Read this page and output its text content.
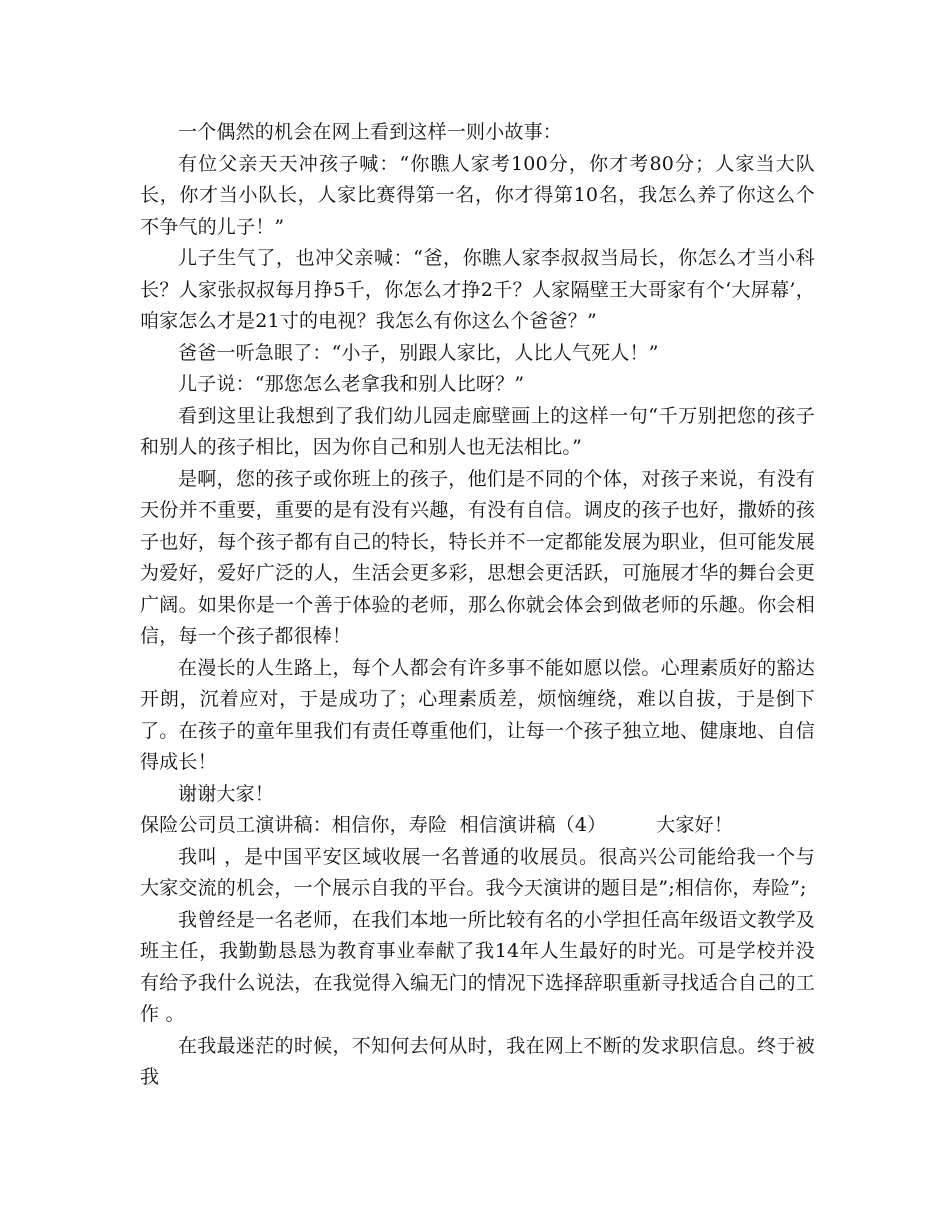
一个偶然的机会在网上看到这样一则小故事：

有位父亲天天冲孩子喊：“你瞧人家考100分，你才考80分；人家当大队长，你才当小队长，人家比赛得第一名，你才得第10名，我怎么养了你这么个不争气的儿子！”

儿子生气了，也冲父亲喊：“爸，你瞧人家李叔叔当局长，你怎么才当小科长？人家张叔叔每月挣5千，你怎么才挣2千？人家隔壁王大哥家有个‘大屏幕’，咱家怎么才是21寸的电视？我怎么有你这么个爸爸？”

爸爸一听急眼了：“小子，别跟人家比，人比人气死人！”

儿子说：“那您怎么老拿我和别人比呀？”

看到这里让我想到了我们幼儿园走廊壁画上的这样一句“千万别把您的孩子和别人的孩子相比，因为你自己和别人也无法相比。”

是啊，您的孩子或你班上的孩子，他们是不同的个体，对孩子来说，有没有天份并不重要，重要的是有没有兴趣，有没有自信。调皮的孩子也好，撒娇的孩子也好，每个孩子都有自己的特长，特长并不一定都能发展为职业，但可能发展为爱好，爱好广泛的人，生活会更多彩，思想会更活跃，可施展才华的舞台会更广阔。如果你是一个善于体验的老师，那么你就会体会到做老师的乐趣。你会相信，每一个孩子都很棒！

在漫长的人生路上，每个人都会有许多事不能如愿以偿。心理素质好的豁达开朗，沉着应对，于是成功了；心理素质差，烦恼缠绕，难以自拔，于是倒下了。在孩子的童年里我们有责任尊重他们，让每一个孩子独立地、健康地、自信得成长！

谢谢大家！

保险公司员工演讲稿：相信你，寿险  相信演讲稿（4）        大家好！

我叫 ，是中国平安区域收展一名普通的收展员。很高兴公司能给我一个与大家交流的机会，一个展示自我的平台。我今天演讲的题目是”;相信你，寿险”;

我曾经是一名老师，在我们本地一所比较有名的小学担任高年级语文教学及班主任，我勤勤恳恳为教育事业奉献了我14年人生最好的时光。可是学校并没有给予我什么说法，在我觉得入编无门的情况下选择辞职重新寻找适合自己的工作 。

在我最迷茫的时候，不知何去何从时，我在网上不断的发求职信息。终于被我
